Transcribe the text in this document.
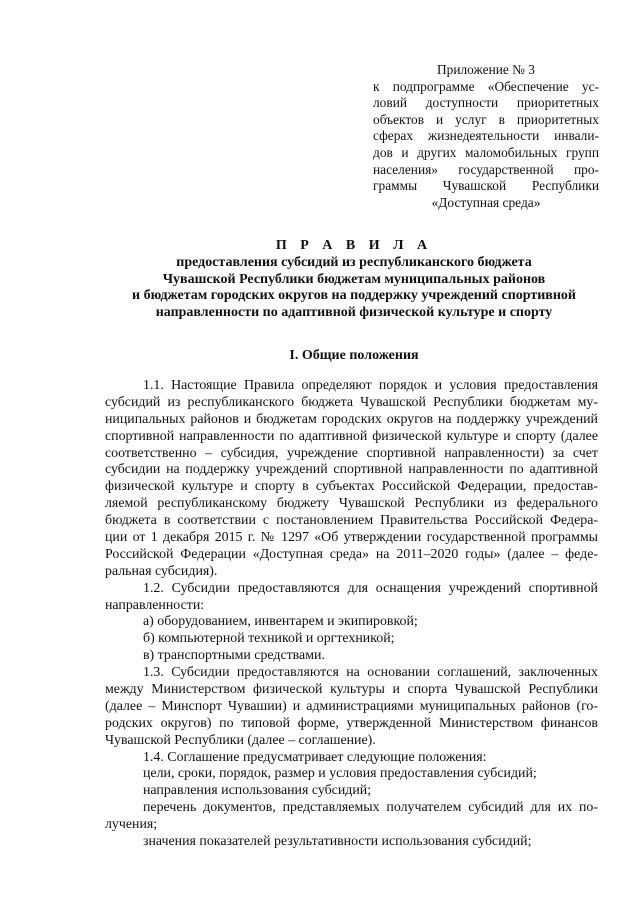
Приложение № 3
к подпрограмме «Обеспечение ус-
ловий доступности приоритетных
объектов и услуг в приоритетных
сферах жизнедеятельности инвали-
дов и других маломобильных групп
населения» государственной про-
граммы Чувашской Республики
«Доступная среда»
П Р А В И Л А
предоставления субсидий из республиканского бюджета
Чувашской Республики бюджетам муниципальных районов
и бюджетам городских округов на поддержку учреждений спортивной
направленности по адаптивной физической культуре и спорту
I. Общие положения
1.1. Настоящие Правила определяют порядок и условия предоставления
субсидий из республиканского бюджета Чувашской Республики бюджетам му-
ниципальных районов и бюджетам городских округов на поддержку учреждений
спортивной направленности по адаптивной физической культуре и спорту (далее
соответственно – субсидия, учреждение спортивной направленности) за счет
субсидии на поддержку учреждений спортивной направленности по адаптивной
физической культуре и спорту в субъектах Российской Федерации, предостав-
ляемой республиканскому бюджету Чувашской Республики из федерального
бюджета в соответствии с постановлением Правительства Российской Федера-
ции от 1 декабря 2015 г. № 1297 «Об утверждении государственной программы
Российской Федерации «Доступная среда» на 2011–2020 годы» (далее – феде-
ральная субсидия).
1.2. Субсидии предоставляются для оснащения учреждений спортивной
направленности:
а) оборудованием, инвентарем и экипировкой;
б) компьютерной техникой и оргтехникой;
в) транспортными средствами.
1.3. Субсидии предоставляются на основании соглашений, заключенных
между Министерством физической культуры и спорта Чувашской Республики
(далее – Минспорт Чувашии) и администрациями муниципальных районов (го-
родских округов) по типовой форме, утвержденной Министерством финансов
Чувашской Республики (далее – соглашение).
1.4. Соглашение предусматривает следующие положения:
цели, сроки, порядок, размер и условия предоставления субсидий;
направления использования субсидий;
перечень документов, представляемых получателем субсидий для их по-
лучения;
значения показателей результативности использования субсидий;
